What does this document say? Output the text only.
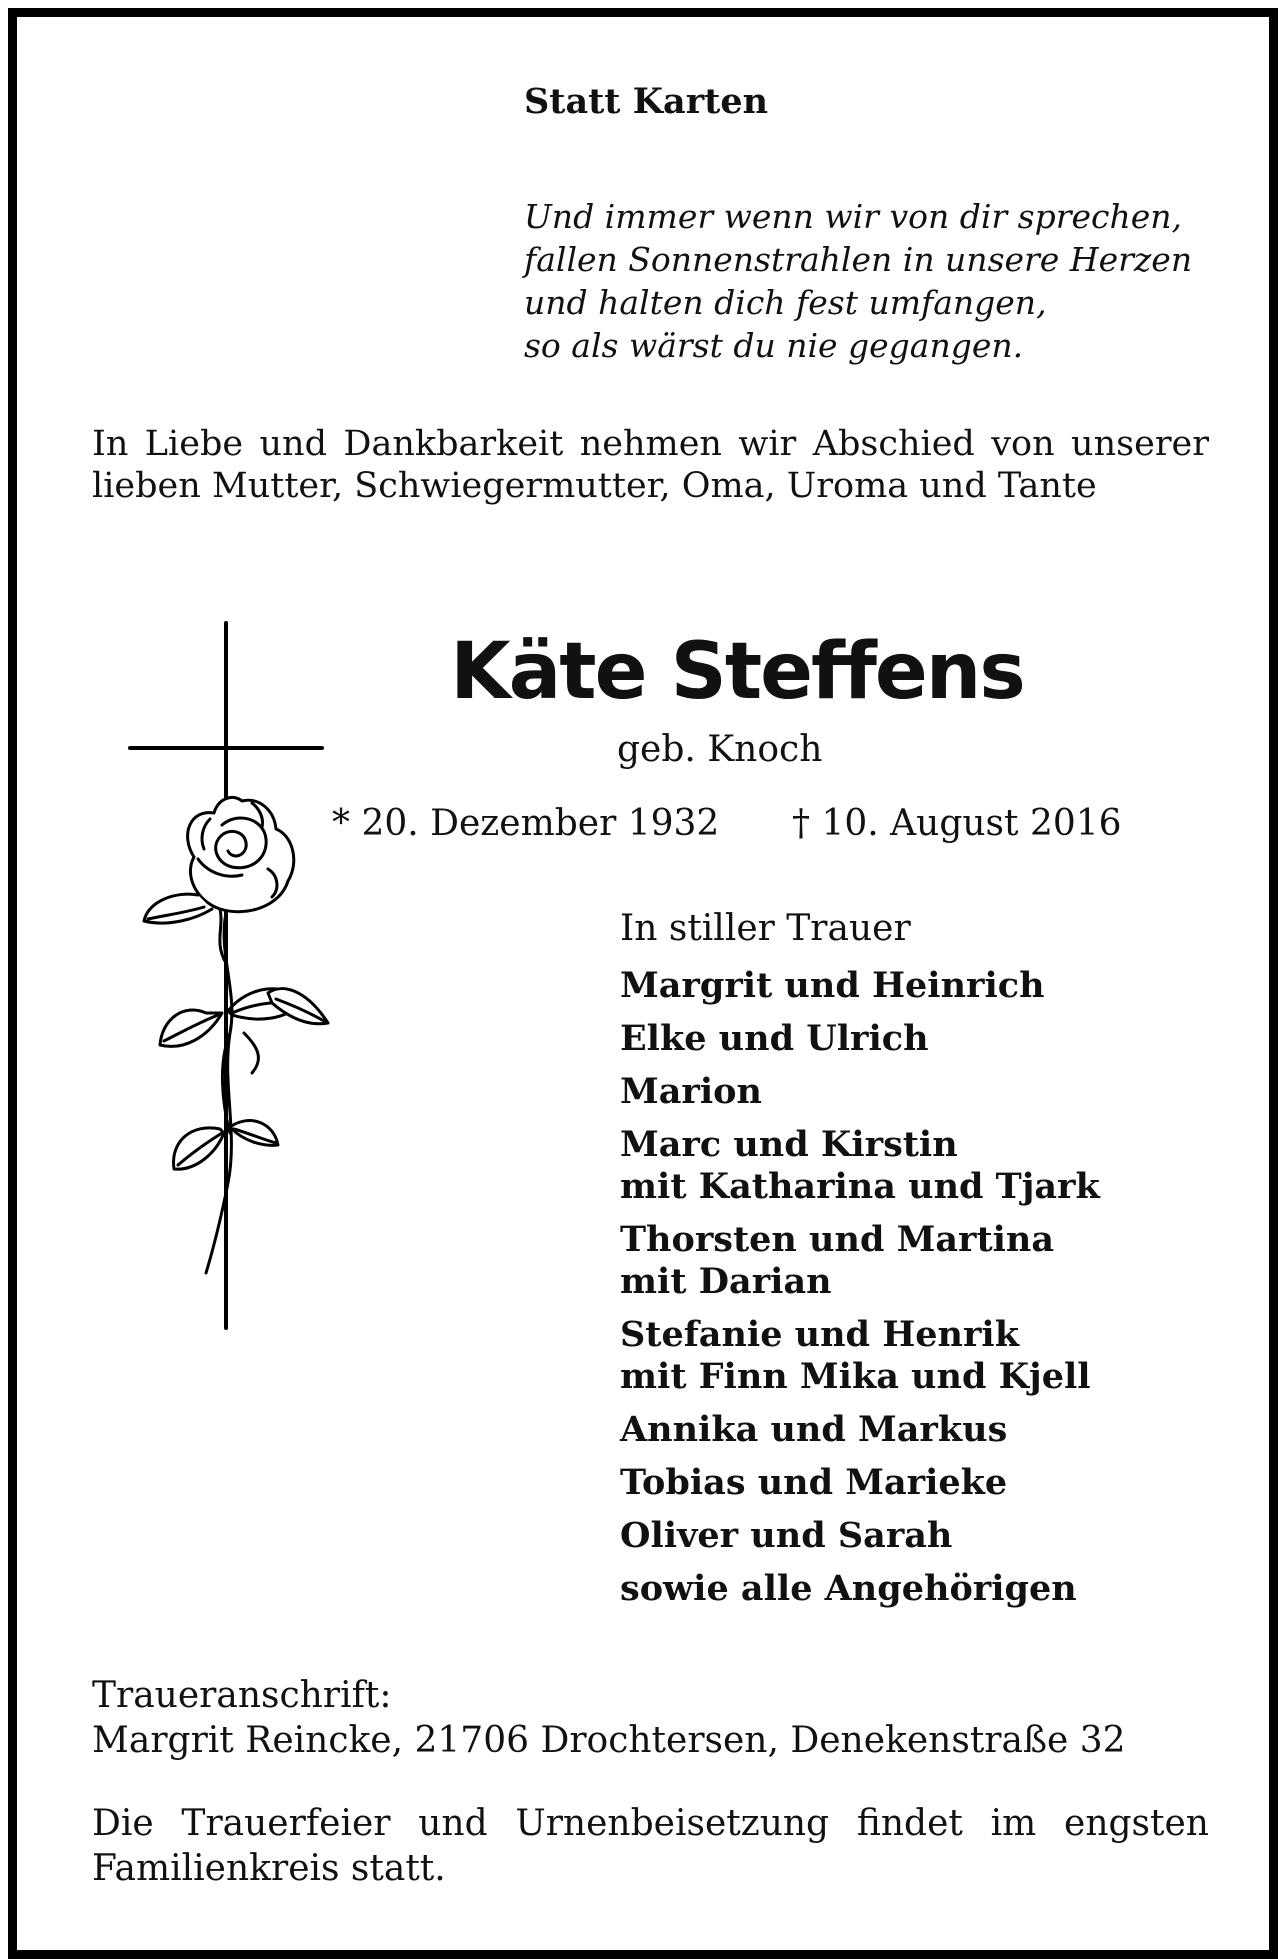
Statt Karten
Und immer wenn wir von dir sprechen,
fallen Sonnenstrahlen in unsere Herzen
und halten dich fest umfangen,
so als wärst du nie gegangen.
In Liebe und Dankbarkeit nehmen wir Abschied von unserer lieben Mutter, Schwiegermutter, Oma, Uroma und Tante
Käte Steffens
geb. Knoch
* 20. Dezember 1932 † 10. August 2016
In stiller Trauer
Margrit und Heinrich
Elke und Ulrich
Marion
Marc und Kirstin
mit Katharina und Tjark
Thorsten und Martina
mit Darian
Stefanie und Henrik
mit Finn Mika und Kjell
Annika und Markus
Tobias und Marieke
Oliver und Sarah
sowie alle Angehörigen
Traueranschrift:
Margrit Reincke, 21706 Drochtersen, Denekenstraße 32
Die Trauerfeier und Urnenbeisetzung findet im engsten Familienkreis statt.
